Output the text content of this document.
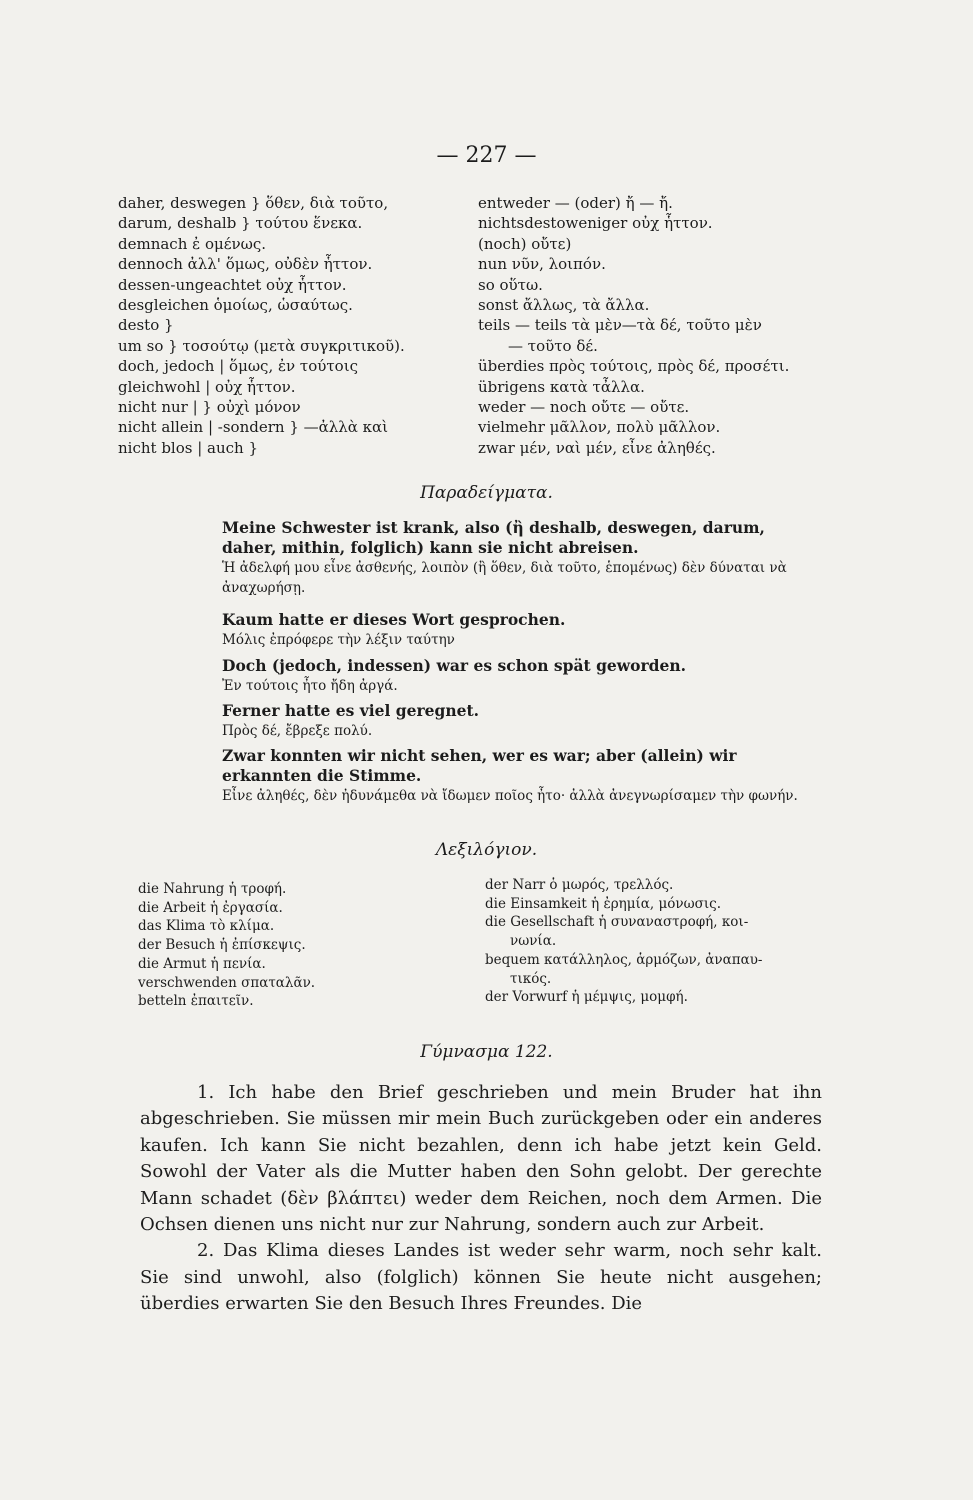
— 227 —
daher, deswegen } ὅθεν, διὰ τοῦτο,
darum, deshalb } τούτου ἕνεκα.
demnach ἐ ομένως.
dennoch ἀλλ' ὅμως, οὐδὲν ἧττον.
dessen-ungeachtet οὐχ ἧττον.
desgleichen ὁμοίως, ὡσαύτως.
desto }
um so } τοσούτῳ (μετὰ συγκριτικοῦ).
doch, jedoch | ὅμως, ἐν τούτοις
gleichwohl | οὐχ ἧττον.
nicht nur | } οὐχὶ μόνον
nicht allein | -sondern } —ἀλλὰ καὶ
nicht blos | auch }
entweder — (oder) ἤ — ἤ.
nichtsdestoweniger οὐχ ἧττον.
(noch) οὔτε)
nun νῦν, λοιπόν.
so οὕτω.
sonst ἄλλως, τὰ ἄλλα.
teils — teils τὰ μὲν—τὰ δέ, τοῦτο μὲν
— τοῦτο δέ.
überdies πρὸς τούτοις, πρὸς δέ, προσέτι.
übrigens κατὰ τἆλλα.
weder — noch οὔτε — οὔτε.
vielmehr μᾶλλον, πολὺ μᾶλλον.
zwar μέν, ναὶ μέν, εἶνε ἀληθές.
Παραδείγματα.
Meine Schwester ist krank, also (ἢ deshalb, deswegen, darum, daher, mithin, folglich) kann sie nicht abreisen.
Ἡ ἀδελφή μου εἶνε ἀσθενής, λοιπὸν (ἢ ὅθεν, διὰ τοῦτο, ἑπομένως) δὲν δύναται νὰ ἀναχωρήσῃ.
Kaum hatte er dieses Wort gesprochen.
Μόλις ἐπρόφερε τὴν λέξιν ταύτην
Doch (jedoch, indessen) war es schon spät geworden.
Ἐν τούτοις ἦτο ἤδη ἀργά.
Ferner hatte es viel geregnet.
Πρὸς δέ, ἔβρεξε πολύ.
Zwar konnten wir nicht sehen, wer es war; aber (allein) wir erkannten die Stimme.
Εἶνε ἀληθές, δὲν ἠδυνάμεθα νὰ ἴδωμεν ποῖος ἦτο· ἀλλὰ ἀνεγνωρίσαμεν τὴν φωνήν.
Λεξιλόγιον.
die Nahrung ἡ τροφή.
die Arbeit ἡ ἐργασία.
das Klima τὸ κλίμα.
der Besuch ἡ ἐπίσκεψις.
die Armut ἡ πενία.
verschwenden σπαταλᾶν.
betteln ἐπαιτεῖν.
der Narr ὁ μωρός, τρελλός.
die Einsamkeit ἡ ἐρημία, μόνωσις.
die Gesellschaft ἡ συναναστροφή, κοι-
νωνία.
bequem κατάλληλος, ἁρμόζων, ἀναπαυ-
τικός.
der Vorwurf ἡ μέμψις, μομφή.
Γύμνασμα 122.

1. Ich habe den Brief geschrieben und mein Bruder hat ihn abgeschrieben. Sie müssen mir mein Buch zurückgeben oder ein anderes kaufen. Ich kann Sie nicht bezahlen, denn ich habe jetzt kein Geld. Sowohl der Vater als die Mutter haben den Sohn gelobt. Der gerechte Mann schadet (δὲν βλάπτει) weder dem Reichen, noch dem Armen. Die Ochsen dienen uns nicht nur zur Nahrung, sondern auch zur Arbeit.

2. Das Klima dieses Landes ist weder sehr warm, noch sehr kalt. Sie sind unwohl, also (folglich) können Sie heute nicht ausgehen; überdies erwarten Sie den Besuch Ihres Freundes. Die
